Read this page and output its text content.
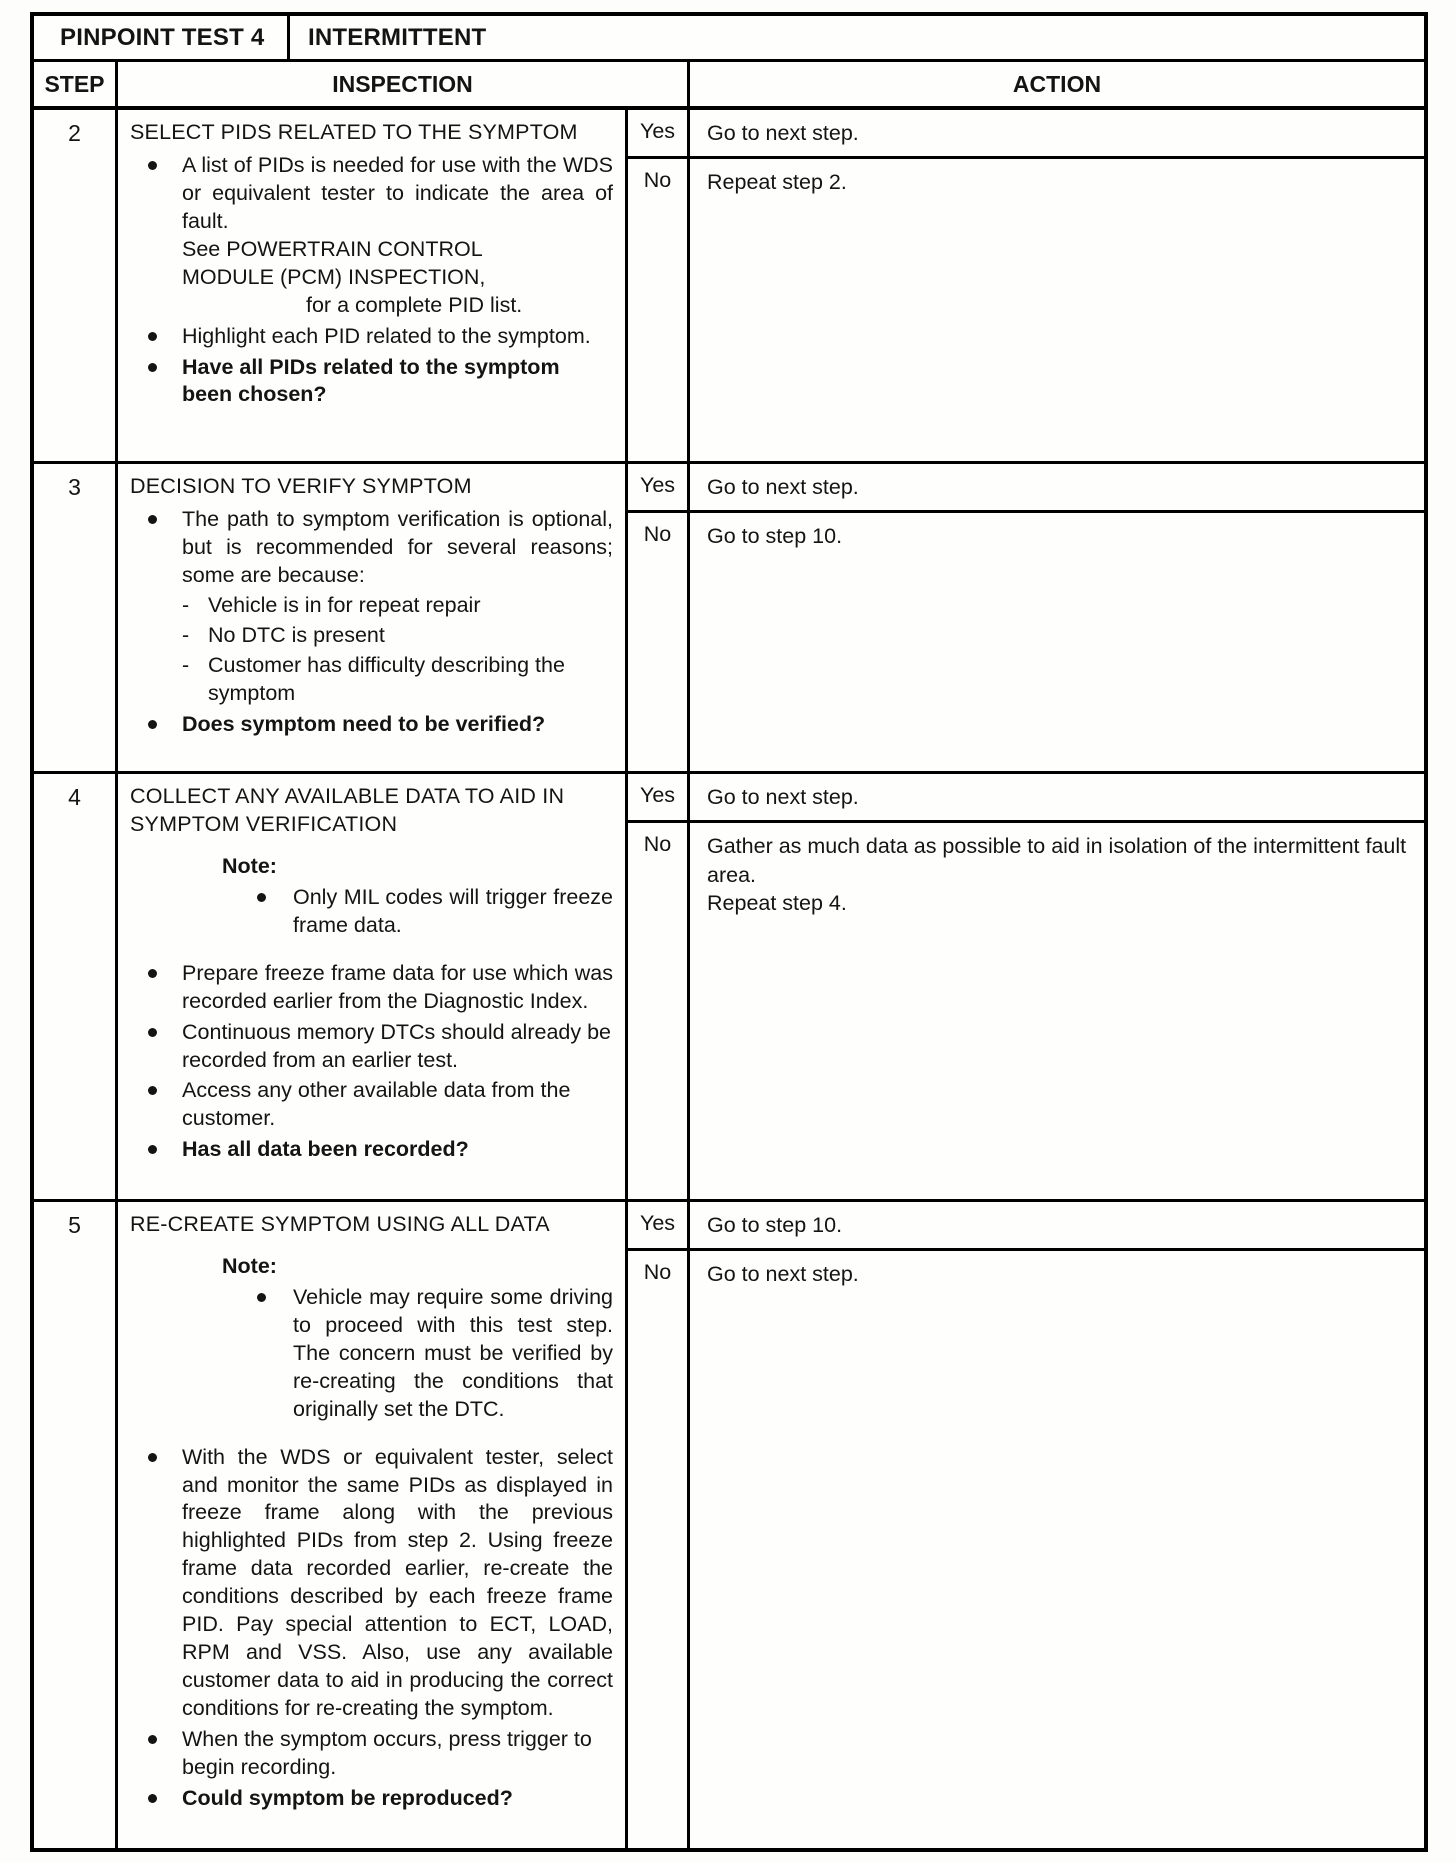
PINPOINT TEST 4	INTERMITTENT
STEP	INSPECTION	ACTION
2	SELECT PIDS RELATED TO THE SYMPTOM
A list of PIDs is needed for use with the WDS or equivalent tester to indicate the area of fault.
See POWERTRAIN CONTROL MODULE (PCM) INSPECTION,
for a complete PID list.
Highlight each PID related to the symptom.
Have all PIDs related to the symptom been chosen?
Yes	Go to next step.
No	Repeat step 2.
3	DECISION TO VERIFY SYMPTOM
The path to symptom verification is optional, but is recommended for several reasons; some are because:
-
Vehicle is in for repeat repair
-
No DTC is present
-
Customer has difficulty describing the symptom
Does symptom need to be verified?
Yes	Go to next step.
No	Go to step 10.
4	COLLECT ANY AVAILABLE DATA TO AID IN SYMPTOM VERIFICATION
Note:
Only MIL codes will trigger freeze frame data.
Prepare freeze frame data for use which was recorded earlier from the Diagnostic Index.
Continuous memory DTCs should already be recorded from an earlier test.
Access any other available data from the customer.
Has all data been recorded?
Yes	Go to next step.
No	Gather as much data as possible to aid in isolation of the intermittent fault area.
Repeat step 4.
5	RE-CREATE SYMPTOM USING ALL DATA
Note:
Vehicle may require some driving to proceed with this test step. The concern must be verified by re-creating the conditions that originally set the DTC.
With the WDS or equivalent tester, select and monitor the same PIDs as displayed in freeze frame along with the previous highlighted PIDs from step 2. Using freeze frame data recorded earlier, re-create the conditions described by each freeze frame PID. Pay special attention to ECT, LOAD, RPM and VSS. Also, use any available customer data to aid in producing the correct conditions for re-creating the symptom.
When the symptom occurs, press trigger to begin recording.
Could symptom be reproduced?
Yes	Go to step 10.
No	Go to next step.
